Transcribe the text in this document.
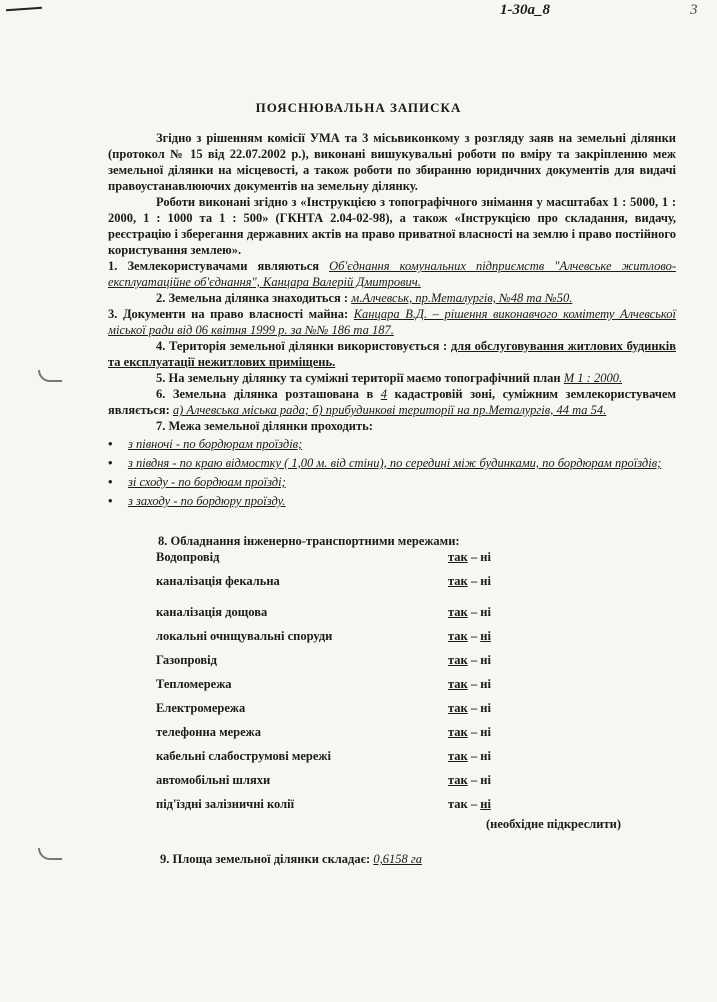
1-30а_8	3
ПОЯСНЮВАЛЬНА ЗАПИСКА

Згідно з рішенням комісії УМА та 3 місьвиконкому з розгляду заяв на земельні ділянки (протокол № 15 від 22.07.2002 р.), виконані вишукувальні роботи по вміру та закріпленню меж земельної ділянки на місцевості, а також роботи по збиранню юридичних документів для видачі правоустанавлюючих документів на земельну ділянку.

Роботи виконані згідно з «Інструкцією з топографічного знімання у масштабах 1 : 5000, 1 : 2000, 1 : 1000 та 1 : 500» (ГКНТА 2.04-02-98), а також «Інструкцією про складання, видачу, реєстрацію і зберегання державних актів на право приватної власності на землю і право постійного користування землею».

1. Землекористувачами являються Об'єднання комунальних підприємств "Алчевське житлово- експлуатаційне об'єднання", Канцара Валерій Дмитрович.

2. Земельна ділянка знаходиться : м.Алчевськ, пр.Металургів, №48 та №50.

3. Документи на право власності майна: Канцара В.Д. – рішення виконавчого комітету Алчевської міської ради від 06 квітня 1999 р. за №№ 186 та 187.

4. Територія земельної ділянки використовується : для обслуговування житлових будинків та експлуатації нежитлових приміщень.

5. На земельну ділянку та суміжні території маємо топографічний план М 1 : 2000.

6. Земельна ділянка розташована в 4 кадастровій зоні, суміжним землекористувачем являється: а) Алчевська міська рада; б) прибудинкові території на пр.Металургів, 44 та 54.

7. Межа земельної ділянки проходить:

• з півночі - по бордюрам проїздів;
• з півдня - по краю відмостку ( 1,00 м. від стіни), по середині між будинками, по бордюрам проїздів;
• зі сходу - по бордюам проїзді;
• з заходу - по бордюру проїзду.
8. Обладнання інженерно-транспортними мережами:
Водопровід	так – ні
каналізація фекальна	так – ні
каналізація дощова	так – ні
локальні очнщувальні споруди	так – ні
Газопровід	так – ні
Тепломережа	так – ні
Електромережа	так – ні
телефонна мережа	так – ні
кабельні слабострумові мережі	так – ні
автомобільні шляхи	так – ні
під'їздні залізничні колії	так – ні
(необхідне підкреслити)
9. Площа земельної ділянки складає: 0,6158 га
